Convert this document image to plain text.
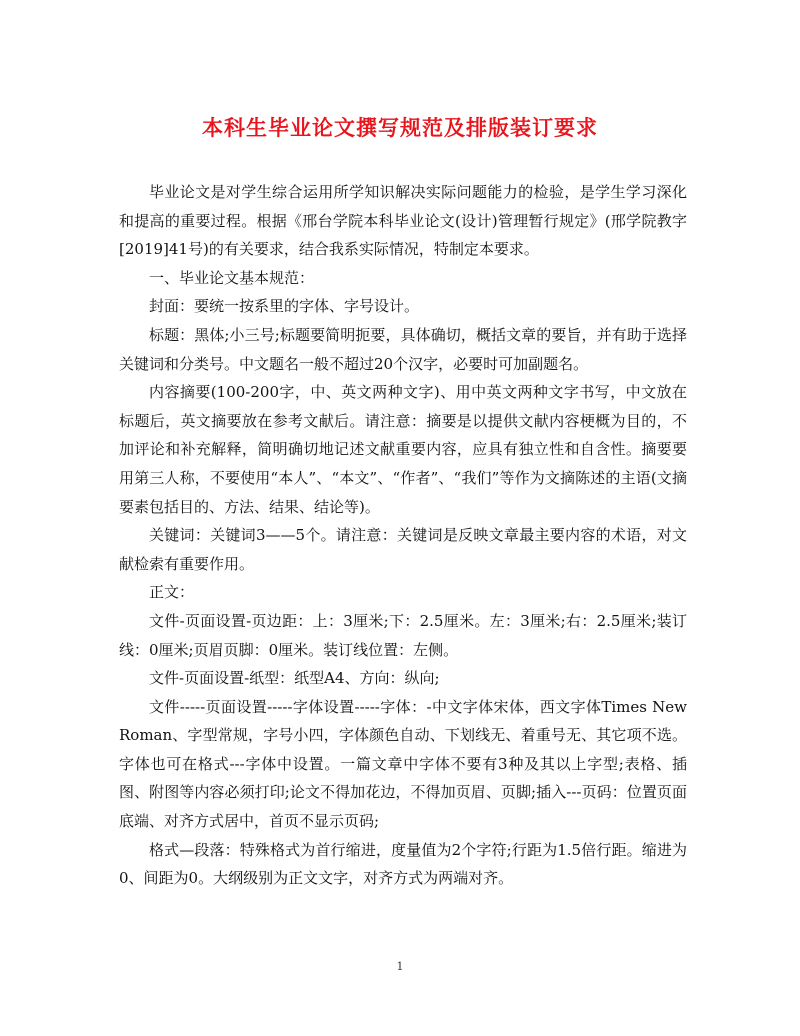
本科生毕业论文撰写规范及排版装订要求

毕业论文是对学生综合运用所学知识解决实际问题能力的检验，是学生学习深化和提高的重要过程。根据《邢台学院本科毕业论文(设计)管理暂行规定》(邢学院教字[2019]41号)的有关要求，结合我系实际情况，特制定本要求。

一、毕业论文基本规范：

封面：要统一按系里的字体、字号设计。

标题：黑体;小三号;标题要简明扼要，具体确切，概括文章的要旨，并有助于选择关键词和分类号。中文题名一般不超过20个汉字，必要时可加副题名。

内容摘要(100-200字，中、英文两种文字)、用中英文两种文字书写，中文放在标题后，英文摘要放在参考文献后。请注意：摘要是以提供文献内容梗概为目的，不加评论和补充解释，简明确切地记述文献重要内容，应具有独立性和自含性。摘要要用第三人称，不要使用“本人”、“本文”、“作者”、“我们”等作为文摘陈述的主语(文摘要素包括目的、方法、结果、结论等)。

关键词：关键词3——5个。请注意：关键词是反映文章最主要内容的术语，对文献检索有重要作用。

正文：

文件-页面设置-页边距：上：3厘米;下：2.5厘米。左：3厘米;右：2.5厘米;装订线：0厘米;页眉页脚：0厘米。装订线位置：左侧。

文件-页面设置-纸型：纸型A4、方向：纵向;

文件-----页面设置-----字体设置-----字体：-中文字体宋体，西文字体Times New Roman、字型常规，字号小四，字体颜色自动、下划线无、着重号无、其它项不选。字体也可在格式---字体中设置。一篇文章中字体不要有3种及其以上字型;表格、插图、附图等内容必须打印;论文不得加花边，不得加页眉、页脚;插入---页码：位置页面底端、对齐方式居中，首页不显示页码;

格式—段落：特殊格式为首行缩进，度量值为2个字符;行距为1.5倍行距。缩进为0、间距为0。大纲级别为正文文字，对齐方式为两端对齐。

1
